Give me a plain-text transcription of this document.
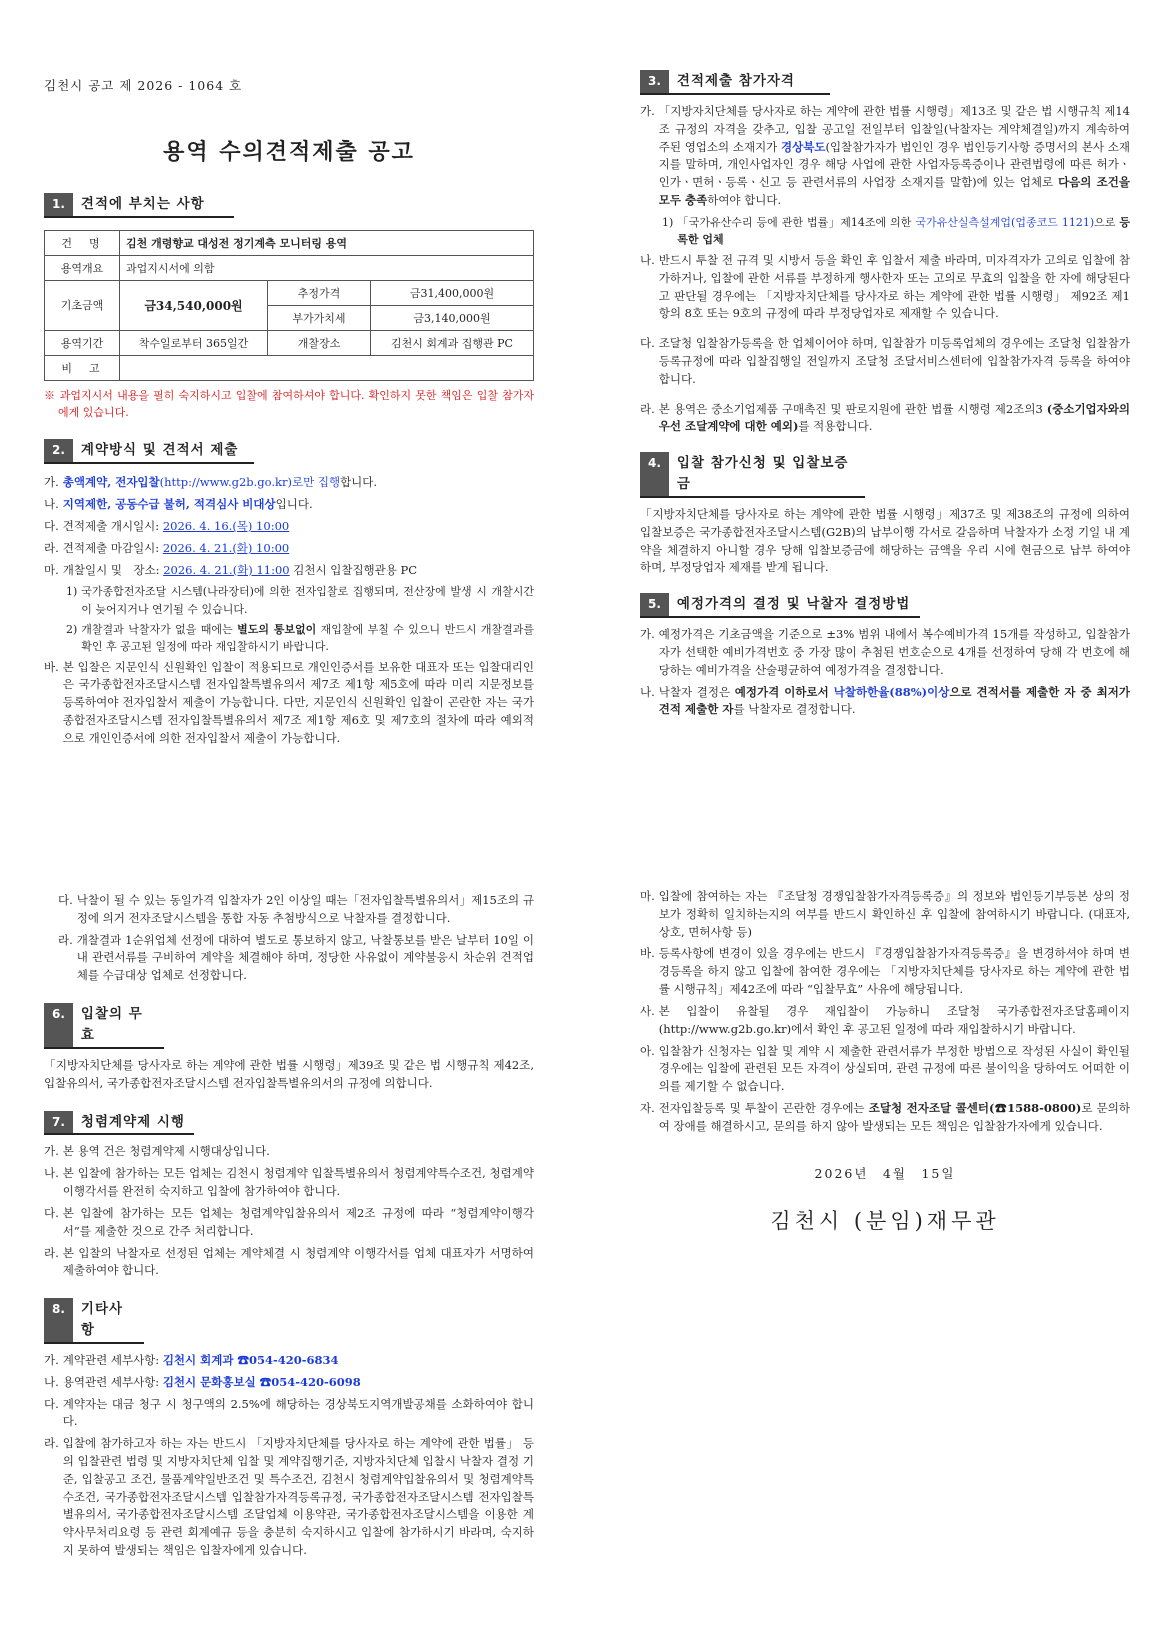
김천시 공고 제 2026 - 1064 호
용역 수의견적제출 공고
1.	견적에 부치는 사항
건　명	김천 개령향교 대성전 정기계측 모니터링 용역		
용역개요	과업지시서에 의함		
기초금액	금34,540,000원	추정가격	금31,400,000원
		부가가치세	금3,140,000원
용역기간	착수일로부터 365일간	개찰장소	김천시 회계과 집행관 PC
비　고			

※ 과업지시서 내용을 필히 숙지하시고 입찰에 참여하셔야 합니다. 확인하지 못한 책임은 입찰 참가자에게 있습니다.

2.	계약방식 및 견적서 제출
가. 총액계약, 전자입찰(http://www.g2b.go.kr)로만 집행합니다.
나. 지역제한, 공동수급 불허, 적격심사 비대상입니다.
다. 견적제출 개시일시: 2026. 4. 16.(목) 10:00
라. 견적제출 마감일시: 2026. 4. 21.(화) 10:00
마. 개찰일시 및　장소: 2026. 4. 21.(화) 11:00 김천시 입찰집행관용 PC
1) 국가종합전자조달 시스템(나라장터)에 의한 전자입찰로 집행되며, 전산장에 발생 시 개찰시간이 늦어지거나 연기될 수 있습니다.
2) 개찰결과 낙찰자가 없을 때에는 별도의 통보없이 재입찰에 부칠 수 있으니 반드시 개찰결과를 확인 후 공고된 일정에 따라 재입찰하시기 바랍니다.
바. 본 입찰은 지문인식 신원확인 입찰이 적용되므로 개인인증서를 보유한 대표자 또는 입찰대리인은 국가종합전자조달시스템 전자입찰특별유의서 제7조 제1항 제5호에 따라 미리 지문정보를 등록하여야 전자입찰서 제출이 가능합니다. 다만, 지문인식 신원확인 입찰이 곤란한 자는 국가종합전자조달시스템 전자입찰특별유의서 제7조 제1항 제6호 및 제7호의 절차에 따라 예외적으로 개인인증서에 의한 전자입찰서 제출이 가능합니다.
3.	견적제출 참가자격
가. 「지방자치단체를 당사자로 하는 계약에 관한 법률 시행령」제13조 및 같은 법 시행규칙 제14조 규정의 자격을 갖추고, 입찰 공고일 전일부터 입찰일(낙찰자는 계약체결일)까지 계속하여 주된 영업소의 소재지가 경상북도(입찰참가자가 법인인 경우 법인등기사항 증명서의 본사 소재지를 말하며, 개인사업자인 경우 해당 사업에 관한 사업자등록증이나 관련법령에 따른 허가ㆍ인가ㆍ면허ㆍ등록ㆍ신고 등 관련서류의 사업장 소재지를 말함)에 있는 업체로 다음의 조건을 모두 충족하여야 합니다.
1) 「국가유산수리 등에 관한 법률」제14조에 의한 국가유산실측설계업(업종코드 1121)으로 등록한 업체
나. 반드시 투찰 전 규격 및 시방서 등을 확인 후 입찰서 제출 바라며, 미자격자가 고의로 입찰에 참가하거나, 입찰에 관한 서류를 부정하게 행사한자 또는 고의로 무효의 입찰을 한 자에 해당된다고 판단될 경우에는 「지방자치단체를 당사자로 하는 계약에 관한 법률 시행령」 제92조 제1항의 8호 또는 9호의 규정에 따라 부정당업자로 제재할 수 있습니다.
다. 조달청 입찰참가등록을 한 업체이어야 하며, 입찰참가 미등록업체의 경우에는 조달청 입찰참가등록규정에 따라 입찰집행일 전일까지 조달청 조달서비스센터에 입찰참가자격 등록을 하여야 합니다.
라. 본 용역은 중소기업제품 구매촉진 및 판로지원에 관한 법률 시행령 제2조의3 (중소기업자와의 우선 조달계약에 대한 예외)를 적용합니다.
4.	입찰 참가신청 및 입찰보증금

「지방자치단체를 당사자로 하는 계약에 관한 법률 시행령」제37조 및 제38조의 규정에 의하여 입찰보증은 국가종합전자조달시스템(G2B)의 납부이행 각서로 갈음하며 낙찰자가 소정 기일 내 계약을 체결하지 아니할 경우 당해 입찰보증금에 해당하는 금액을 우리 시에 현금으로 납부 하여야 하며, 부정당업자 제재를 받게 됩니다.

5.	예정가격의 결정 및 낙찰자 결정방법
가. 예정가격은 기초금액을 기준으로 ±3% 범위 내에서 복수예비가격 15개를 작성하고, 입찰참가자가 선택한 예비가격번호 중 가장 많이 추첨된 번호순으로 4개를 선정하여 당해 각 번호에 해당하는 예비가격을 산술평균하여 예정가격을 결정합니다.
나. 낙찰자 결정은 예정가격 이하로서 낙찰하한율(88%)이상으로 견적서를 제출한 자 중 최저가 견적 제출한 자를 낙찰자로 결정합니다.
다. 낙찰이 될 수 있는 동일가격 입찰자가 2인 이상일 때는「전자입찰특별유의서」제15조의 규정에 의거 전자조달시스템을 통합 자동 추첨방식으로 낙찰자를 결정합니다.
라. 개찰결과 1순위업체 선정에 대하여 별도로 통보하지 않고, 낙찰통보를 받은 날부터 10일 이내 관련서류를 구비하여 계약을 체결해야 하며, 정당한 사유없이 계약불응시 차순위 견적업체를 수급대상 업체로 선정합니다.
6.	입찰의 무효

「지방자치단체를 당사자로 하는 계약에 관한 법률 시행령」제39조 및 같은 법 시행규칙 제42조, 입찰유의서, 국가종합전자조달시스템 전자입찰특별유의서의 규정에 의합니다.

7.	청렴계약제 시행
가. 본 용역 건은 청렴계약제 시행대상입니다.
나. 본 입찰에 참가하는 모든 업체는 김천시 청렴계약 입찰특별유의서 청렴계약특수조건, 청렴계약 이행각서를 완전히 숙지하고 입찰에 참가하여야 합니다.
다. 본 입찰에 참가하는 모든 업체는 청렴계약입찰유의서 제2조 규정에 따라 “청렴계약이행각서”를 제출한 것으로 간주 처리합니다.
라. 본 입찰의 낙찰자로 선정된 업체는 계약체결 시 청렴계약 이행각서를 업체 대표자가 서명하여 제출하여야 합니다.
8.	기타사항
가. 계약관련 세부사항: 김천시 회계과 ☎054-420-6834
나. 용역관련 세부사항: 김천시 문화홍보실 ☎054-420-6098
다. 계약자는 대금 청구 시 청구액의 2.5%에 해당하는 경상북도지역개발공채를 소화하여야 합니다.
라. 입찰에 참가하고자 하는 자는 반드시 「지방자치단체를 당사자로 하는 계약에 관한 법률」 등의 입찰관련 법령 및 지방자치단체 입찰 및 계약집행기준, 지방자치단체 입찰시 낙찰자 결정 기준, 입찰공고 조건, 물품계약일반조건 및 특수조건, 김천시 청렴계약입찰유의서 및 청렴계약특수조건, 국가종합전자조달시스템 입찰참가자격등록규정, 국가종합전자조달시스템 전자입찰특별유의서, 국가종합전자조달시스템 조달업체 이용약관, 국가종합전자조달시스템을 이용한 계약사무처리요령 등 관련 회계예규 등을 충분히 숙지하시고 입찰에 참가하시기 바라며, 숙지하지 못하여 발생되는 책임은 입찰자에게 있습니다.
마. 입찰에 참여하는 자는 『조달청 경쟁입찰참가자격등록증』의 정보와 법인등기부등본 상의 정보가 정확히 일치하는지의 여부를 반드시 확인하신 후 입찰에 참여하시기 바랍니다. (대표자, 상호, 면허사항 등)
바. 등록사항에 변경이 있을 경우에는 반드시 『경쟁입찰참가자격등록증』을 변경하셔야 하며 변경등록을 하지 않고 입찰에 참여한 경우에는 「지방자치단체를 당사자로 하는 계약에 관한 법률 시행규칙」제42조에 따라 “입찰무효” 사유에 해당됩니다.
사. 본 입찰이 유찰될 경우 재입찰이 가능하니 조달청 국가종합전자조달홈페이지(http://www.g2b.go.kr)에서 확인 후 공고된 일정에 따라 재입찰하시기 바랍니다.
아. 입찰참가 신청자는 입찰 및 계약 시 제출한 관련서류가 부정한 방법으로 작성된 사실이 확인될 경우에는 입찰에 관련된 모든 자격이 상실되며, 관련 규정에 따른 불이익을 당하여도 어떠한 이의를 제기할 수 없습니다.
자. 전자입찰등록 및 투찰이 곤란한 경우에는 조달청 전자조달 콜센터(☎1588-0800)로 문의하여 장애를 해결하시고, 문의를 하지 않아 발생되는 모든 책임은 입찰참가자에게 있습니다.
2026년　4월　15일
김천시 (분임)재무관
